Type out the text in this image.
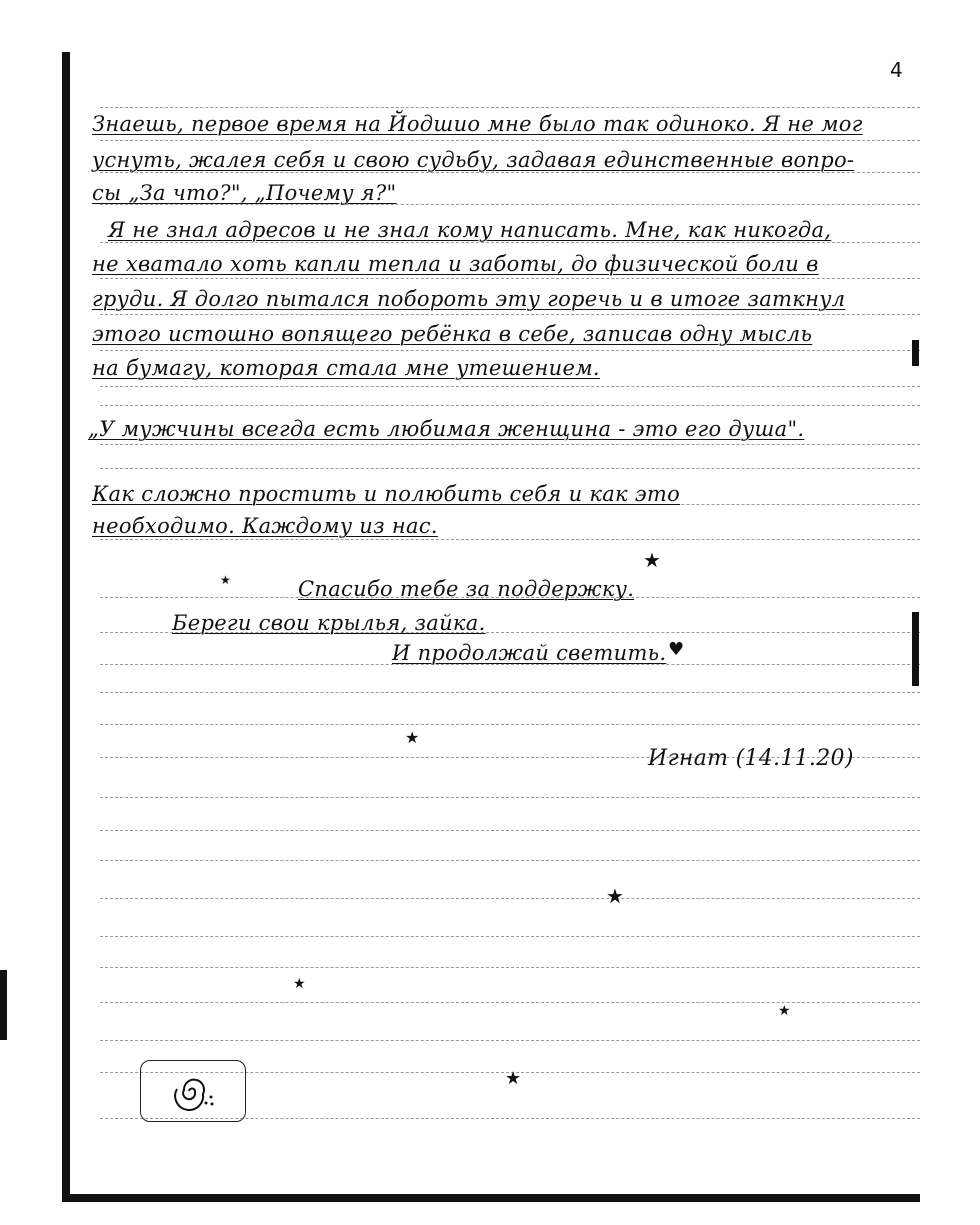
4
Знаешь, первое время на Йодшио мне было так одиноко. Я не мог
уснуть, жалея себя и свою судьбу, задавая единственные вопро-
сы „За что?", „Почему я?"
Я не знал адресов и не знал кому написать. Мне, как никогда,
не хватало хоть капли тепла и заботы, до физической боли в
груди. Я долго пытался побороть эту горечь и в итоге заткнул
этого истошно вопящего ребёнка в себе, записав одну мысль
на бумагу, которая стала мне утешением.
„У мужчины всегда есть любимая женщина - это его душа".
Как сложно простить и полюбить себя и как это
необходимо. Каждому из нас.
Спасибо тебе за поддержку.
Береги свои крылья, зайка.
И продолжай светить.
Игнат (14.11.20)
★
★
♥
★
★
★
★
★
